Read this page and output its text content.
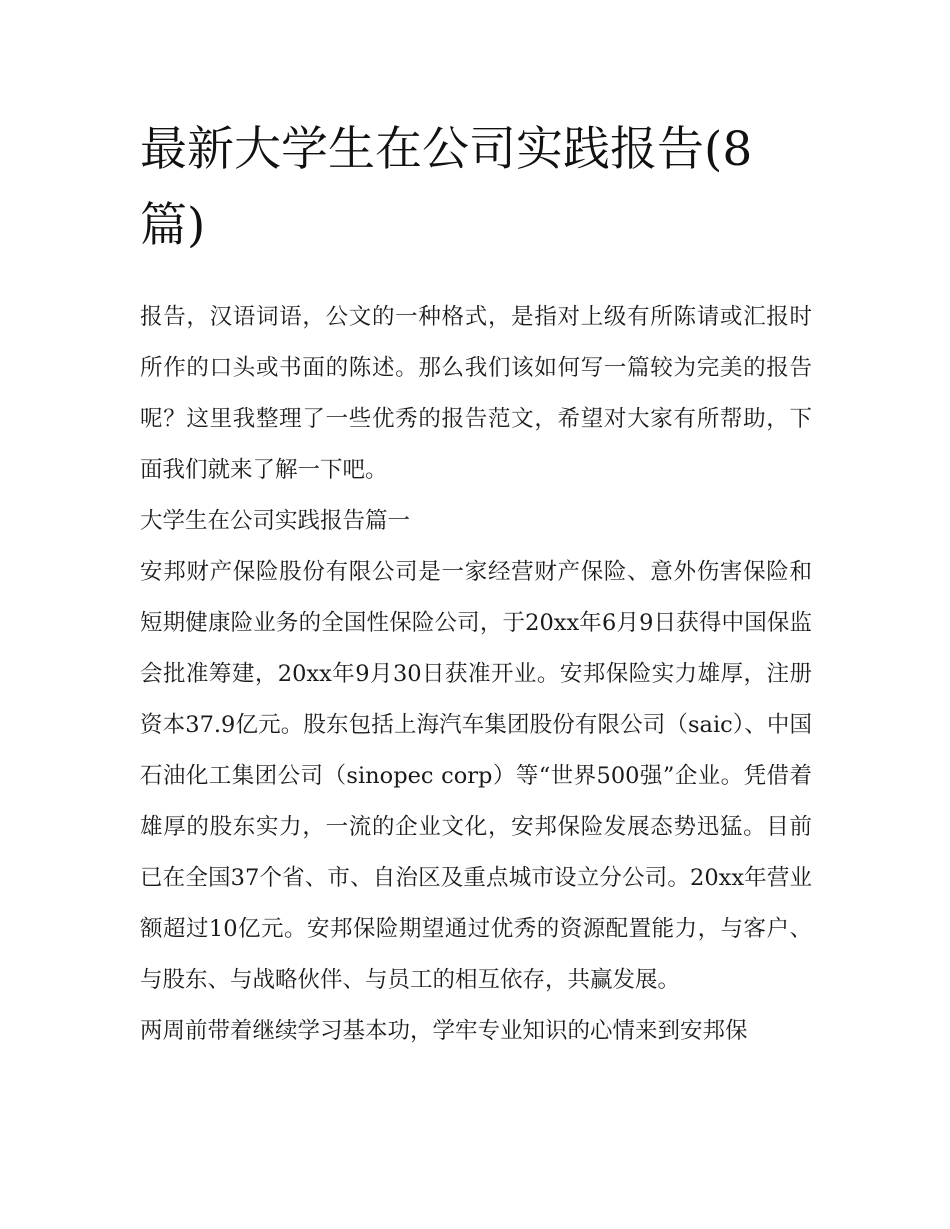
最新大学生在公司实践报告(8篇)

报告，汉语词语，公文的一种格式，是指对上级有所陈请或汇报时所作的口头或书面的陈述。那么我们该如何写一篇较为完美的报告呢？这里我整理了一些优秀的报告范文，希望对大家有所帮助，下面我们就来了解一下吧。

大学生在公司实践报告篇一

安邦财产保险股份有限公司是一家经营财产保险、意外伤害保险和短期健康险业务的全国性保险公司，于20xx年6月9日获得中国保监会批准筹建，20xx年9月30日获准开业。安邦保险实力雄厚，注册资本37.9亿元。股东包括上海汽车集团股份有限公司（saic）、中国石油化工集团公司（sinopec corp）等“世界500强”企业。凭借着雄厚的股东实力，一流的企业文化，安邦保险发展态势迅猛。目前已在全国37个省、市、自治区及重点城市设立分公司。20xx年营业额超过10亿元。安邦保险期望通过优秀的资源配置能力，与客户、与股东、与战略伙伴、与员工的相互依存，共赢发展。

两周前带着继续学习基本功，学牢专业知识的心情来到安邦保
